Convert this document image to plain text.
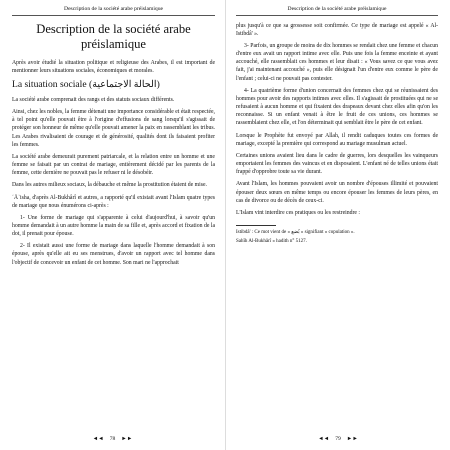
Description de la société arabe préislamique
Description de la société arabe préislamique

Après avoir étudié la situation politique et religieuse des Arabes, il est important de mentionner leurs situations sociales, économiques et morales.

La situation sociale (الحالة الاجتماعية)

La société arabe comprenait des rangs et des statuts sociaux différents.

Ainsi, chez les nobles, la femme détenait une importance considérable et était respectée, à tel point qu'elle pouvait être à l'origine d'effusions de sang lorsqu'il s'agissait de protéger son honneur de même qu'elle pouvait amener la paix en rassemblant les tribus. Les Arabes rivalisaient de courage et de générosité, qualités dont ils faisaient profiter les femmes.

La société arabe demeurait purement patriarcale, et la relation entre un homme et une femme se faisait par un contrat de mariage, entièrement décidé par les parents de la femme, cette dernière ne pouvait pas le refuser ni le désobéir.

Dans les autres milieux sociaux, la débauche et même la prostitution étaient de mise.

ʿĀʾisha, d'après Al-Bukhârî et autres, a rapporté qu'il existait avant l'Islam quatre types de mariage que nous énumérons ci-après :

1- Une forme de mariage qui s'apparente à celui d'aujourd'hui, à savoir qu'un homme demandait à un autre homme la main de sa fille et, après accord et fixation de la dot, il prenait pour épouse.

2- Il existait aussi une forme de mariage dans laquelle l'homme demandait à son épouse, après qu'elle ait eu ses menstrues, d'avoir un rapport avec tel homme dans l'objectif de concevoir un enfant de cet homme. Son mari ne l'approchait

◄◄ 78 ►►
Description de la société arabe préislamique

plus jusqu'à ce que sa grossesse soit confirmée. Ce type de mariage est appelé « Al-Istibdâ' ».

3- Parfois, un groupe de moins de dix hommes se rendait chez une femme et chacun d'entre eux avait un rapport intime avec elle. Puis une fois la femme enceinte et ayant accouché, elle rassemblait ces hommes et leur disait : « Vous savez ce que vous avez fait, j'ai maintenant accouché », puis elle désignait l'un d'entre eux comme le père de l'enfant ; celui-ci ne pouvait pas contester.

4- La quatrième forme d'union concernait des femmes chez qui se réunissaient des hommes pour avoir des rapports intimes avec elles. Il s'agissait de prostituées qui ne se refusaient à aucun homme et qui fixaient des drapeaux devant chez elles afin qu'on les reconnaisse. Si un enfant venait à être le fruit de ces unions, ces hommes se rassemblaient chez elle, et l'on déterminait qui semblait être le père de cet enfant.

Lorsque le Prophète fut envoyé par Allah, il rendit caduques toutes ces formes de mariage, excepté la première qui correspond au mariage musulman actuel.

Certaines unions avaient lieu dans le cadre de guerres, lors desquelles les vainqueurs emportaient les femmes des vaincus et en disposaient. L'enfant né de telles unions était frappé d'opprobre toute sa vie durant.

Avant l'Islam, les hommes pouvaient avoir un nombre d'épouses illimité et pouvaient épouser deux sœurs en même temps ou encore épouser les femmes de leurs pères, en cas de divorce ou de décès de ceux-ci.

L'Islam vint interdire ces pratiques ou les restreindre :

Istibdâ' : Ce mot vient de « بُضع » signifiant « copulation ».

Sahîh Al-Bukhârî « hadith n° 5127.

◄◄ 79 ►►
